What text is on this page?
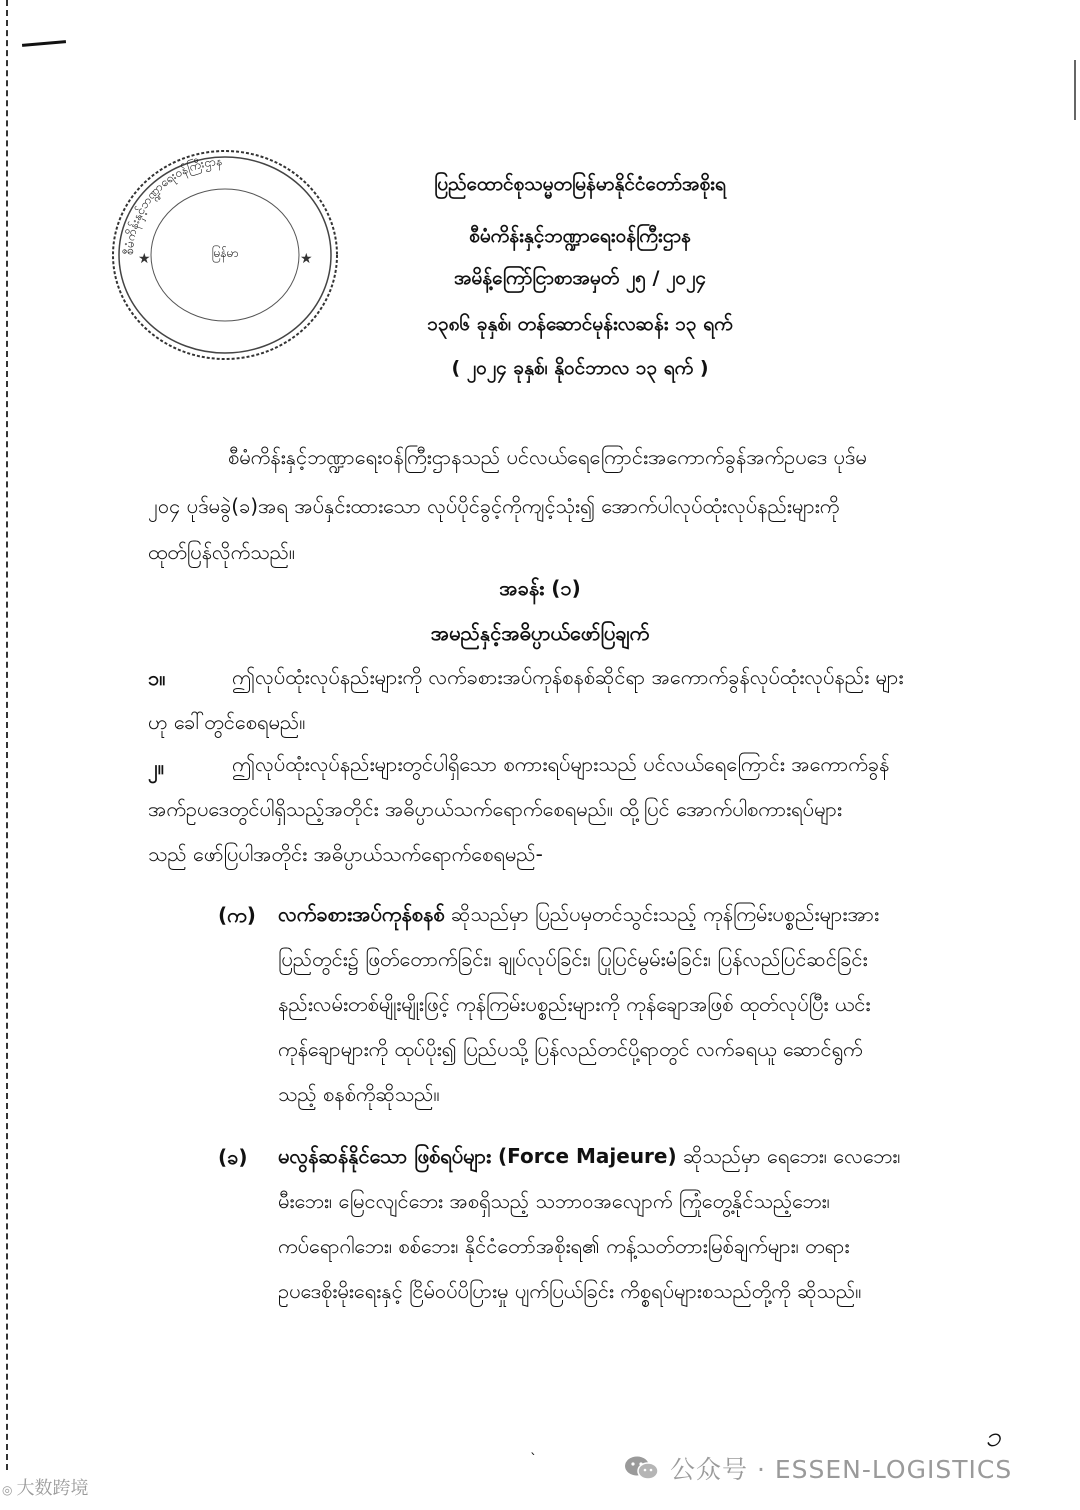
စီမံကိန်းနှင့်ဘဏ္ဍာရေးဝန်ကြီးဌာန
မြန်မာ
★	★
ပြည်ထောင်စုသမ္မတမြန်မာနိုင်ငံတော်အစိုးရ
စီမံကိန်းနှင့်ဘဏ္ဍာရေးဝန်ကြီးဌာန
အမိန့်ကြော်ငြာစာအမှတ် ၂၅ / ၂၀၂၄
၁၃၈၆ ခုနှစ်၊ တန်ဆောင်မုန်းလဆန်း ၁၃ ရက်
( ၂၀၂၄ ခုနှစ်၊ နိုဝင်ဘာလ ၁၃ ရက် )
စီမံကိန်းနှင့်ဘဏ္ဍာရေးဝန်ကြီးဌာနသည် ပင်လယ်ရေကြောင်းအကောက်ခွန်အက်ဥပဒေ ပုဒ်မ
၂၀၄ ပုဒ်မခွဲ(ခ)အရ အပ်နှင်းထားသော လုပ်ပိုင်ခွင့်ကိုကျင့်သုံး၍ အောက်ပါလုပ်ထုံးလုပ်နည်းများကို
ထုတ်ပြန်လိုက်သည်။
အခန်း (၁)
အမည်နှင့်အဓိပ္ပာယ်ဖော်ပြချက်
၁။	ဤလုပ်ထုံးလုပ်နည်းများကို လက်ခစားအပ်ကုန်စနစ်ဆိုင်ရာ အကောက်ခွန်လုပ်ထုံးလုပ်နည်း များ
ဟု ခေါ်တွင်စေရမည်။
၂။	ဤလုပ်ထုံးလုပ်နည်းများတွင်ပါရှိသော စကားရပ်များသည် ပင်လယ်ရေကြောင်း အကောက်ခွန်
အက်ဥပဒေတွင်ပါရှိသည့်အတိုင်း အဓိပ္ပာယ်သက်ရောက်စေရမည်။ ထို့ပြင် အောက်ပါစကားရပ်များ
သည် ဖော်ပြပါအတိုင်း အဓိပ္ပာယ်သက်ရောက်စေရမည်-
(က) လက်ခစားအပ်ကုန်စနစ် ဆိုသည်မှာ ပြည်ပမှတင်သွင်းသည့် ကုန်ကြမ်းပစ္စည်းများအား
ပြည်တွင်း၌ ဖြတ်တောက်ခြင်း၊ ချုပ်လုပ်ခြင်း၊ ပြုပြင်မွမ်းမံခြင်း၊ ပြန်လည်ပြင်ဆင်ခြင်း
နည်းလမ်းတစ်မျိုးမျိုးဖြင့် ကုန်ကြမ်းပစ္စည်းများကို ကုန်ချောအဖြစ် ထုတ်လုပ်ပြီး ယင်း
ကုန်ချောများကို ထုပ်ပိုး၍ ပြည်ပသို့ ပြန်လည်တင်ပို့ရာတွင် လက်ခရယူ ဆောင်ရွက်
သည့် စနစ်ကိုဆိုသည်။
(ခ) မလွန်ဆန်နိုင်သော ဖြစ်ရပ်များ (Force Majeure) ဆိုသည်မှာ ရေဘေး၊ လေဘေး၊
မီးဘေး၊ မြေငလျင်ဘေး အစရှိသည့် သဘာဝအလျောက် ကြုံတွေ့နိုင်သည့်ဘေး၊
ကပ်ရောဂါဘေး၊ စစ်ဘေး၊ နိုင်ငံတော်အစိုးရ၏ ကန့်သတ်တားမြစ်ချက်များ၊ တရား
ဥပဒေစိုးမိုးရေးနှင့် ငြိမ်ဝပ်ပိပြားမှု ပျက်ပြယ်ခြင်း ကိစ္စရပ်များစသည်တို့ကို ဆိုသည်။
၁
ˋ
◎ 大数跨境
公众号 · ESSEN-LOGISTICS
